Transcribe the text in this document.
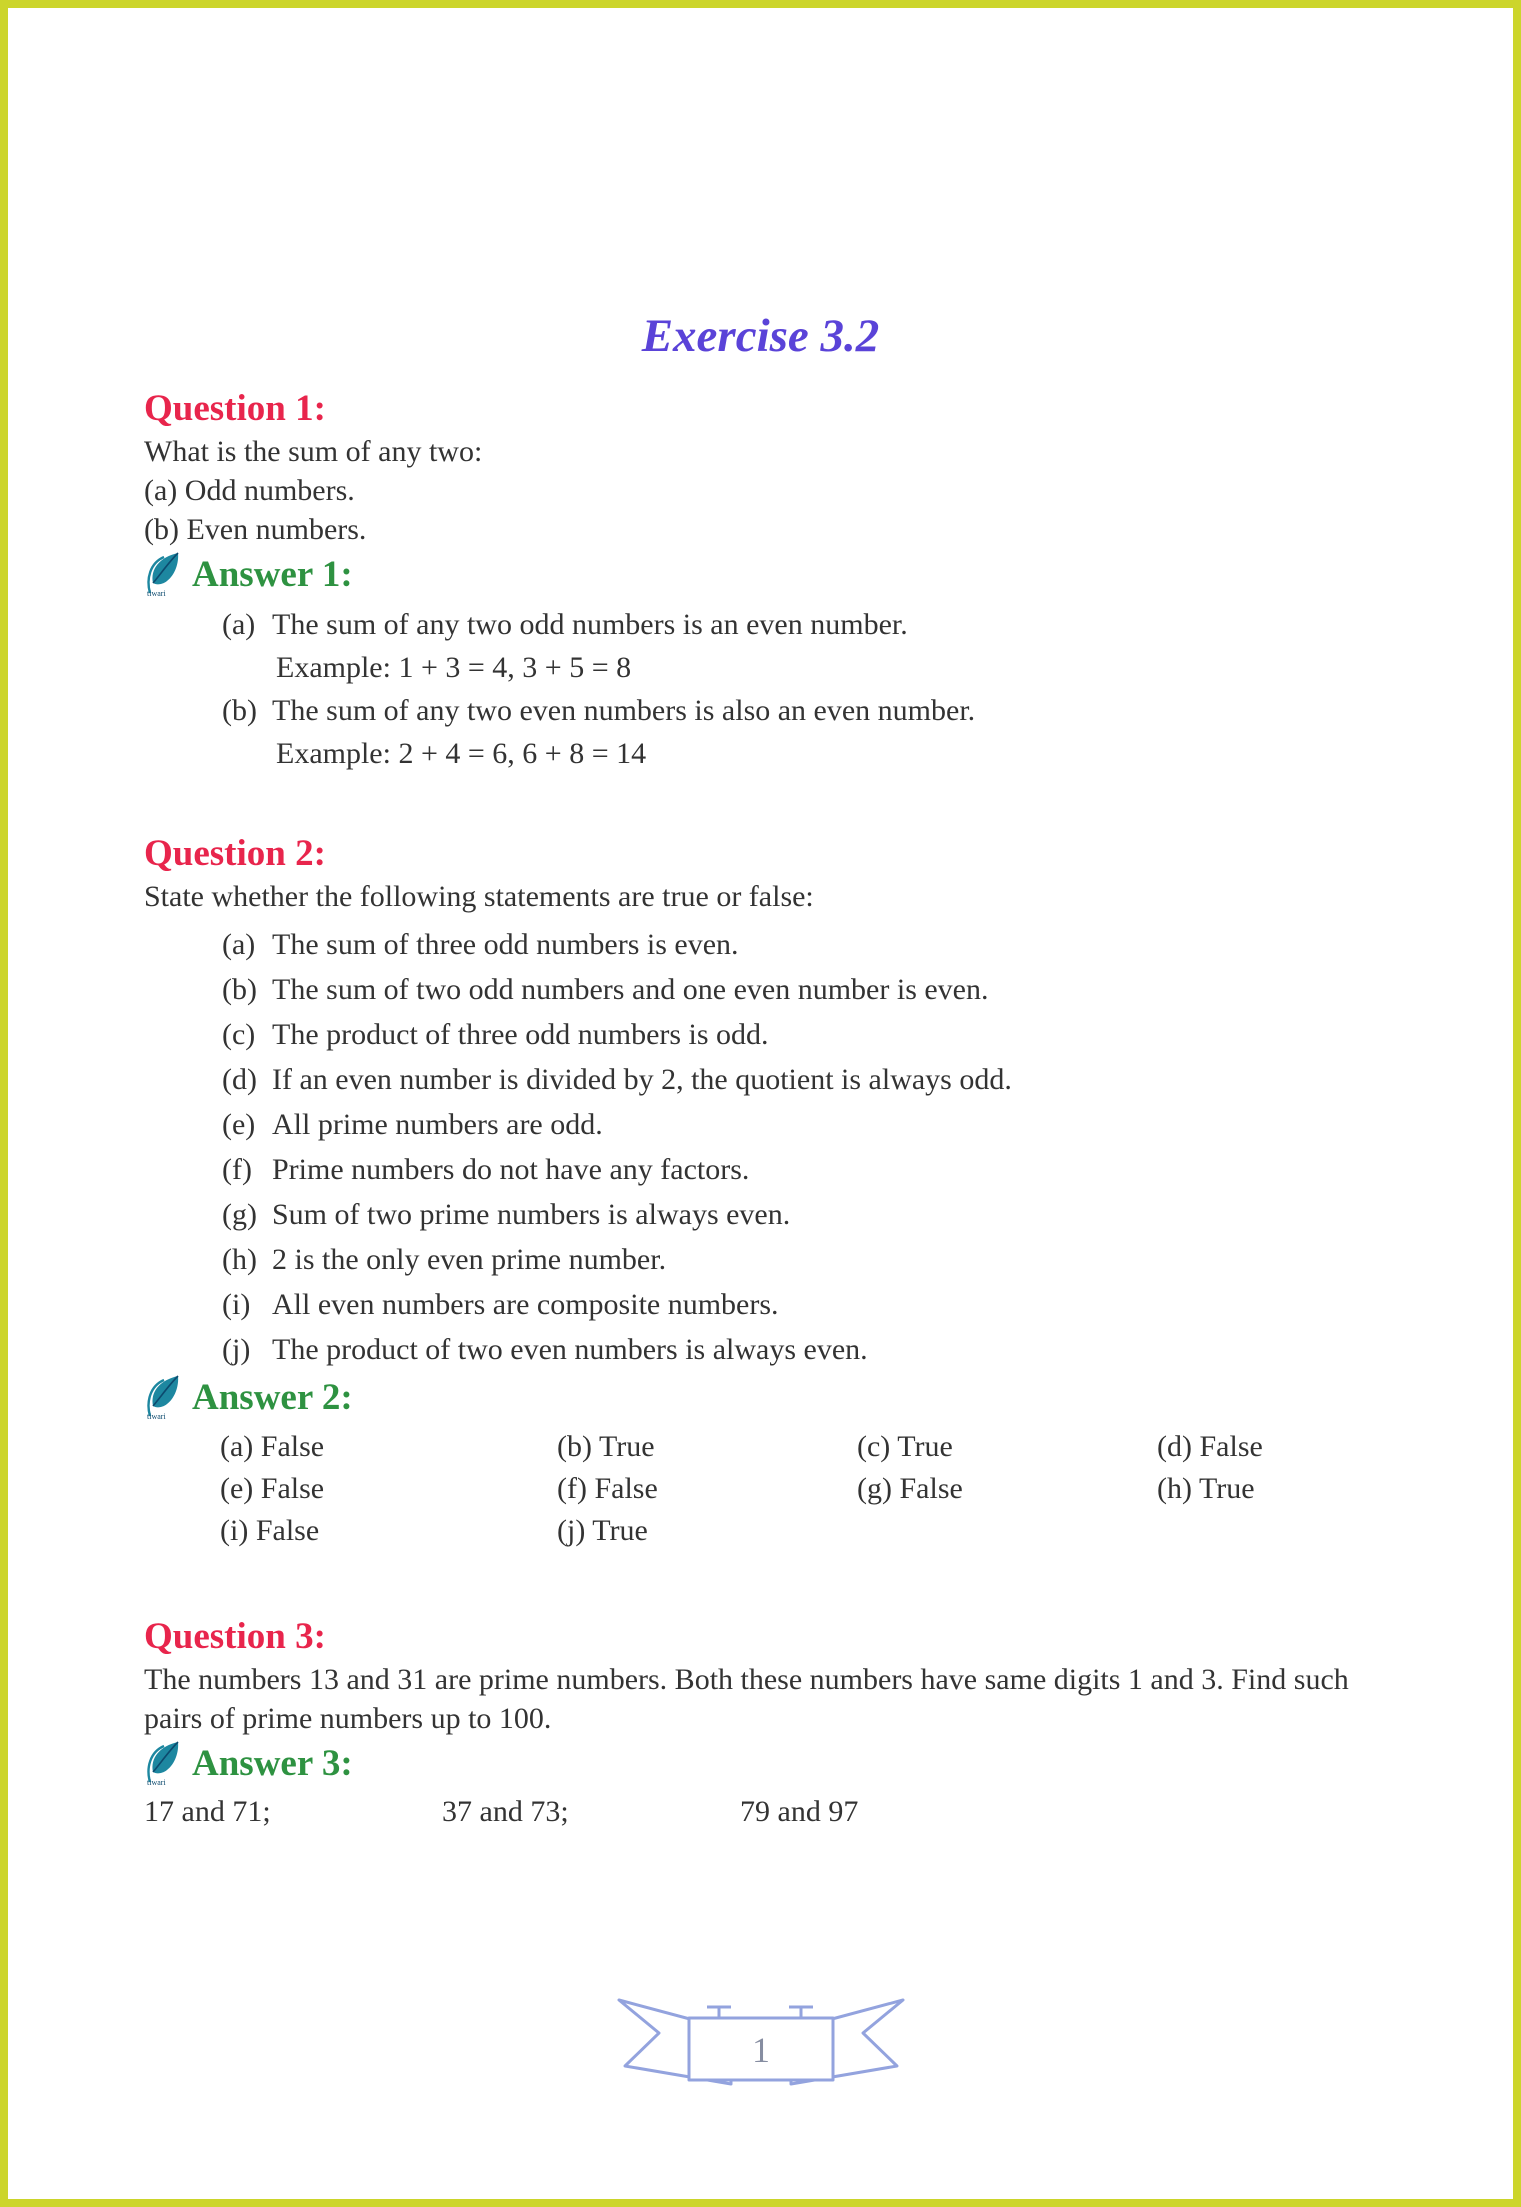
Exercise 3.2
Question 1:

What is the sum of any two:

(a) Odd numbers.

(b) Even numbers.

tiwari Answer 1:

(a) The sum of any two odd numbers is an even number.

Example: 1 + 3 = 4, 3 + 5 = 8

(b) The sum of any two even numbers is also an even number.

Example: 2 + 4 = 6, 6 + 8 = 14

Question 2:

State whether the following statements are true or false:

(a) The sum of three odd numbers is even.

(b) The sum of two odd numbers and one even number is even.

(c) The product of three odd numbers is odd.

(d) If an even number is divided by 2, the quotient is always odd.

(e) All prime numbers are odd.

(f) Prime numbers do not have any factors.

(g) Sum of two prime numbers is always even.

(h) 2 is the only even prime number.

(i) All even numbers are composite numbers.

(j) The product of two even numbers is always even.

tiwari Answer 2:
(a) False	(b) True	(c) True	(d) False
(e) False	(f) False	(g) False	(h) True
(i) False	(j) True
Question 3:

The numbers 13 and 31 are prime numbers. Both these numbers have same digits 1 and 3. Find such pairs of prime numbers up to 100.

tiwari Answer 3:

17 and 71;	37 and 73;	79 and 97

1
